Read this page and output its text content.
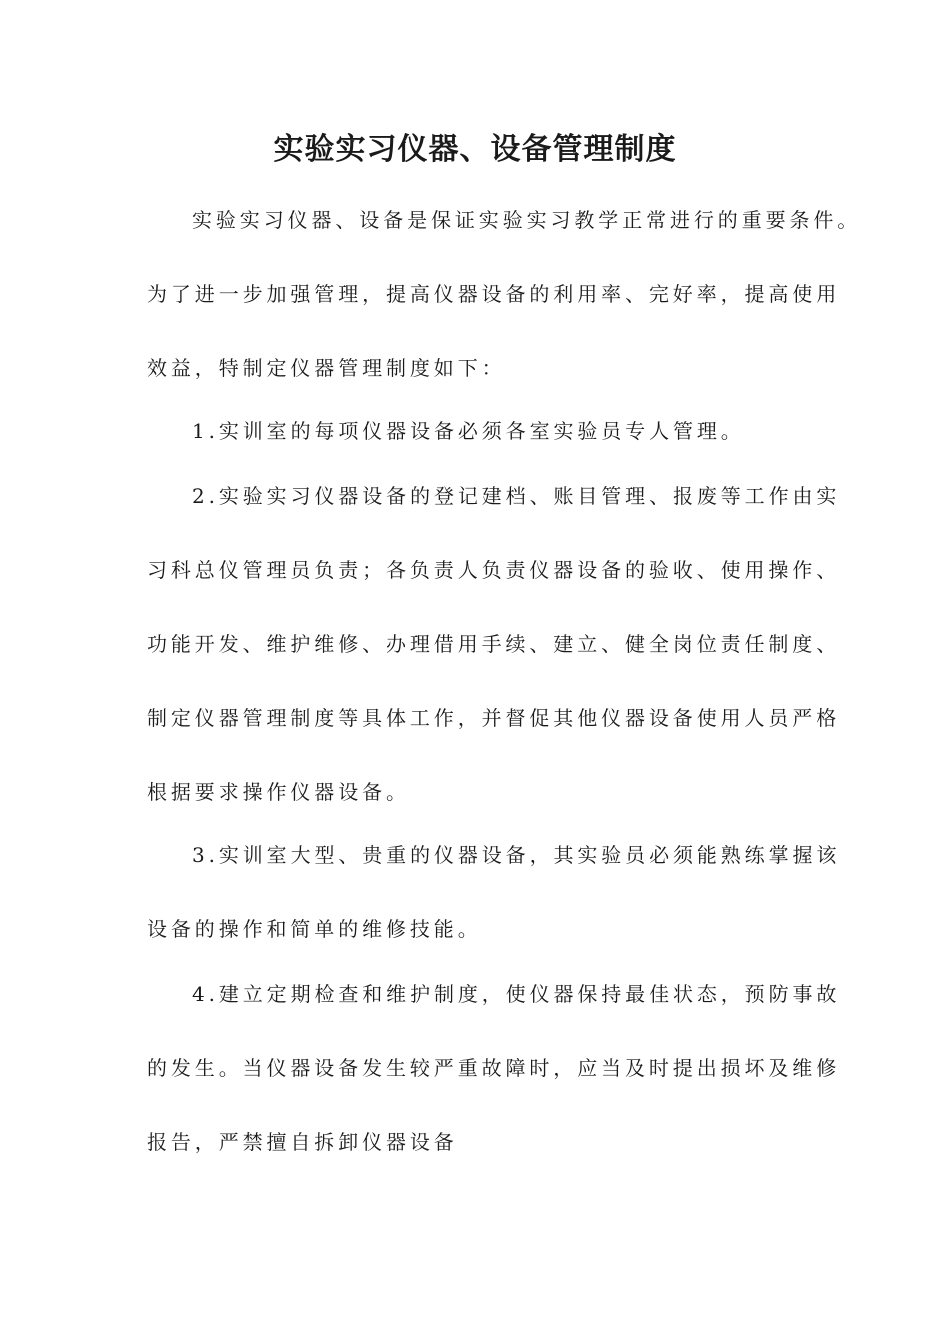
实验实习仪器、设备管理制度

实验实习仪器、设备是保证实验实习教学正常进行的重要条件。

为了进一步加强管理，提高仪器设备的利用率、完好率，提高使用

效益，特制定仪器管理制度如下：

1.实训室的每项仪器设备必须各室实验员专人管理。

2.实验实习仪器设备的登记建档、账目管理、报废等工作由实

习科总仪管理员负责；各负责人负责仪器设备的验收、使用操作、

功能开发、维护维修、办理借用手续、建立、健全岗位责任制度、

制定仪器管理制度等具体工作，并督促其他仪器设备使用人员严格

根据要求操作仪器设备。

3.实训室大型、贵重的仪器设备，其实验员必须能熟练掌握该

设备的操作和简单的维修技能。

4.建立定期检查和维护制度，使仪器保持最佳状态，预防事故

的发生。当仪器设备发生较严重故障时，应当及时提出损坏及维修

报告，严禁擅自拆卸仪器设备
